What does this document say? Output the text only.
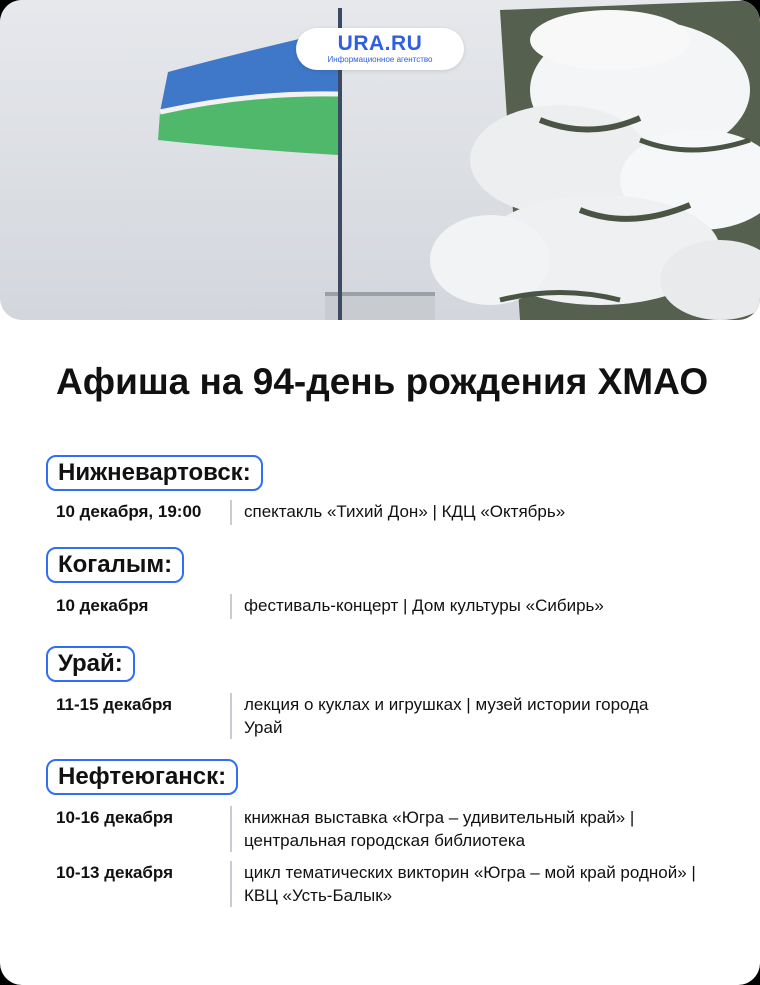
URA.RU
Информационное агентство
Афиша на 94-день рождения ХМАО
Нижневартовск:
10 декабря, 19:00	спектакль «Тихий Дон» | КДЦ «Октябрь»
Когалым:
10 декабря	фестиваль-концерт | Дом культуры «Сибирь»
Урай:
11-15 декабря	лекция о куклах и игрушках | музей истории города Урай
Нефтеюганск:
10-16 декабря	книжная выставка «Югра – удивительный край» | центральная городская библиотека
10-13 декабря	цикл тематических викторин «Югра – мой край родной» | КВЦ «Усть-Балык»
